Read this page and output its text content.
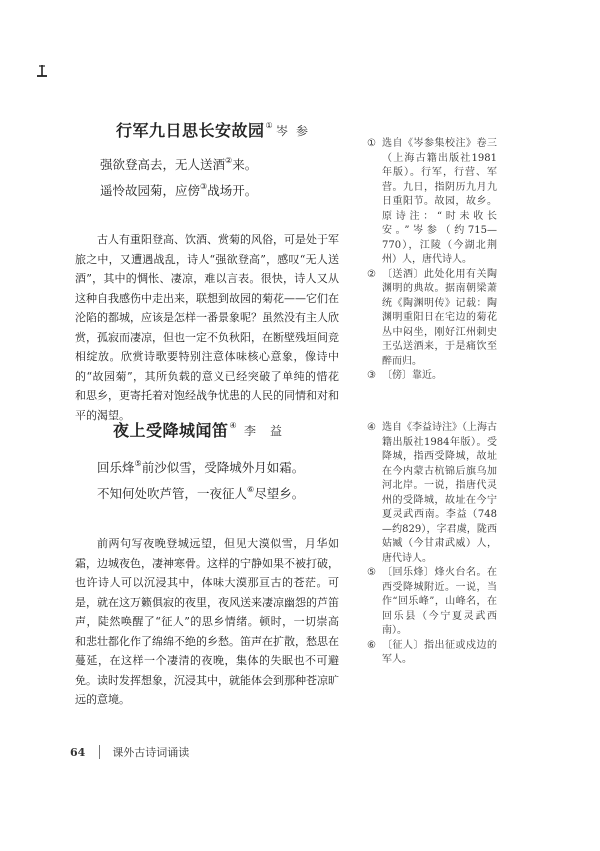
行军九日思长安故园① 岑参
强欲登高去，无人送酒②来。
遥怜故园菊，应傍③战场开。

古人有重阳登高、饮酒、赏菊的风俗，可是处于军旅之中，又遭遇战乱，诗人“强欲登高”，感叹“无人送酒”，其中的惆怅、凄凉，难以言表。很快，诗人又从这种自我感伤中走出来，联想到故园的菊花——它们在沦陷的都城，应该是怎样一番景象呢？虽然没有主人欣赏，孤寂而凄凉，但也一定不负秋阳，在断壁残垣间竞相绽放。欣赏诗歌要特别注意体味核心意象，像诗中的“故园菊”，其所负载的意义已经突破了单纯的惜花和思乡，更寄托着对饱经战争忧患的人民的同情和对和平的渴望。

① 选自《岑参集校注》卷三（上海古籍出版社1981年版）。行军，行营、军营。九日，指阴历九月九日重阳节。故园，故乡。原诗注：“时未收长安。”岑参（约715—770），江陵（今湖北荆州）人，唐代诗人。
② 〔送酒〕此处化用有关陶渊明的典故。据南朝梁萧统《陶渊明传》记载：陶渊明重阳日在宅边的菊花丛中闷坐，刚好江州刺史王弘送酒来，于是痛饮至醉而归。
③ 〔傍〕靠近。
夜上受降城闻笛④ 李益
回乐烽⑤前沙似雪，受降城外月如霜。
不知何处吹芦管，一夜征人⑥尽望乡。

前两句写夜晚登城远望，但见大漠似雪，月华如霜，边城夜色，凄神寒骨。这样的宁静如果不被打破，也许诗人可以沉浸其中，体味大漠那亘古的苍茫。可是，就在这万籁俱寂的夜里，夜风送来凄凉幽怨的芦笛声，陡然唤醒了“征人”的思乡情绪。顿时，一切崇高和悲壮都化作了绵绵不绝的乡愁。笛声在扩散，愁思在蔓延，在这样一个凄清的夜晚，集体的失眠也不可避免。读时发挥想象，沉浸其中，就能体会到那种苍凉旷远的意境。

④ 选自《李益诗注》（上海古籍出版社1984年版）。受降城，指西受降城，故址在今内蒙古杭锦后旗乌加河北岸。一说，指唐代灵州的受降城，故址在今宁夏灵武西南。李益（748—约829），字君虞，陇西姑臧（今甘肃武威）人，唐代诗人。
⑤ 〔回乐烽〕烽火台名。在西受降城附近。一说，当作“回乐峰”，山峰名，在回乐县（今宁夏灵武西南）。
⑥ 〔征人〕指出征或戍边的军人。
64 课外古诗词诵读
